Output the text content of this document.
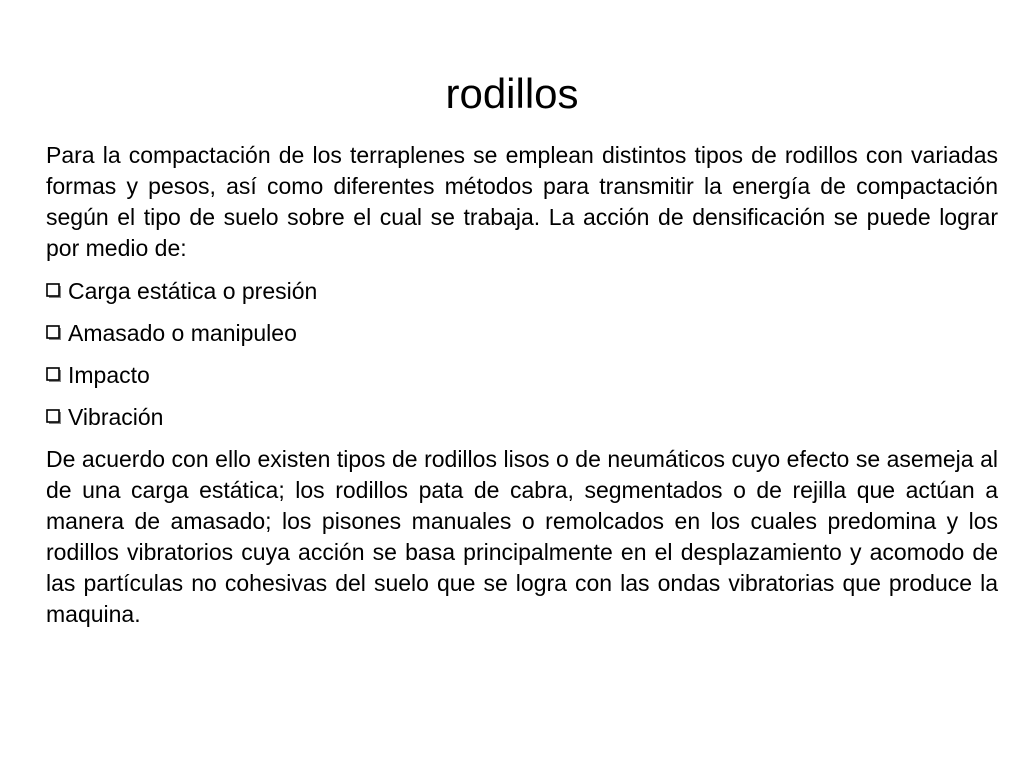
rodillos

Para la compactación de los terraplenes se emplean distintos tipos de rodillos con variadas formas y pesos, así como diferentes métodos para transmitir la energía de compactación según el tipo de suelo sobre el cual se trabaja. La acción de densificación se puede lograr por medio de:

Carga estática o presión
Amasado o manipuleo
Impacto
Vibración

De acuerdo con ello existen tipos de rodillos lisos o de neumáticos cuyo efecto se asemeja al de una carga estática; los rodillos pata de cabra, segmentados o de rejilla que actúan a manera de amasado; los pisones manuales o remolcados en los cuales predomina y los rodillos vibratorios cuya acción se basa principalmente en el desplazamiento y acomodo de las partículas no cohesivas del suelo que se logra con las ondas vibratorias que produce la maquina.
